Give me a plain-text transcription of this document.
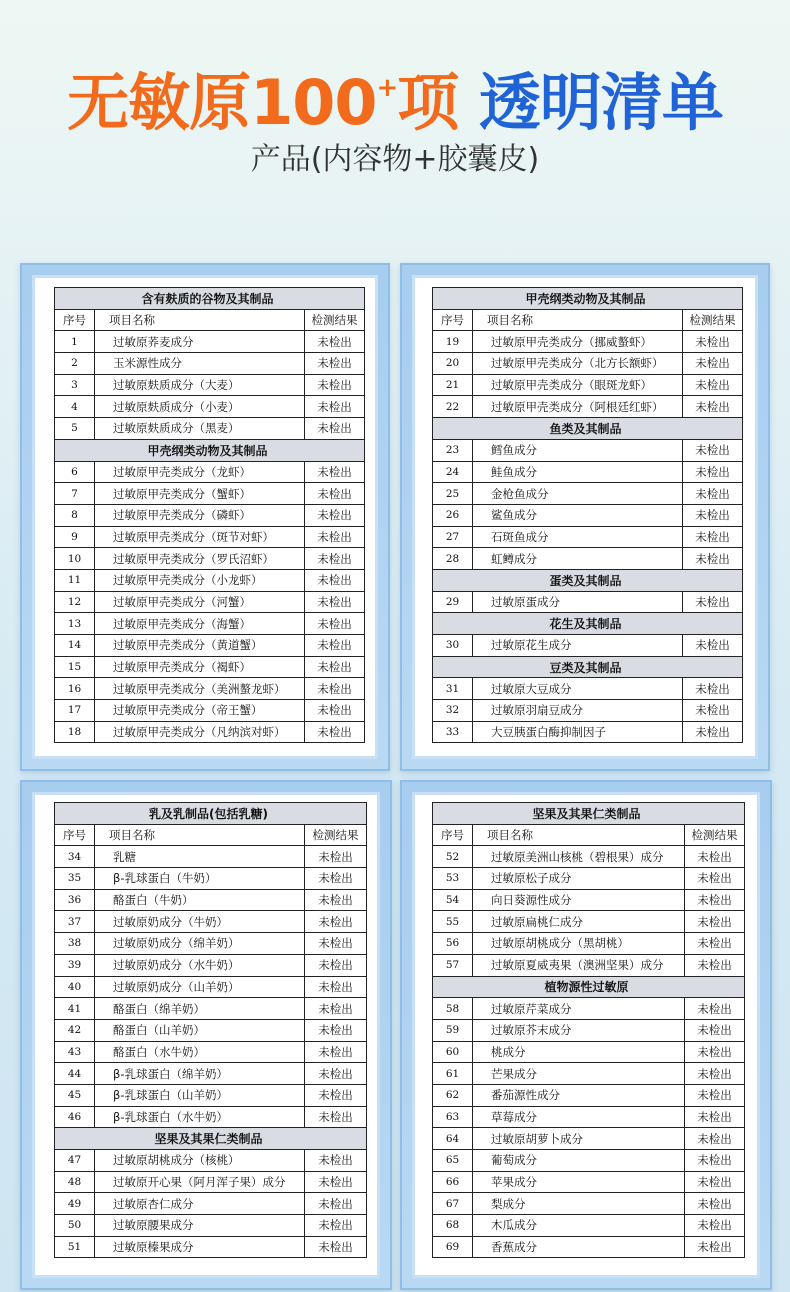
无敏原100+项 透明清单
产品(内容物+胶囊皮)
含有麸质的谷物及其制品		
序号	项目名称	检测结果
1	过敏原荞麦成分	未检出
2	玉米源性成分	未检出
3	过敏原麸质成分（大麦）	未检出
4	过敏原麸质成分（小麦）	未检出
5	过敏原麸质成分（黑麦）	未检出
甲壳纲类动物及其制品		
6	过敏原甲壳类成分（龙虾）	未检出
7	过敏原甲壳类成分（蟹虾）	未检出
8	过敏原甲壳类成分（磷虾）	未检出
9	过敏原甲壳类成分（斑节对虾）	未检出
10	过敏原甲壳类成分（罗氏沼虾）	未检出
11	过敏原甲壳类成分（小龙虾）	未检出
12	过敏原甲壳类成分（河蟹）	未检出
13	过敏原甲壳类成分（海蟹）	未检出
14	过敏原甲壳类成分（黄道蟹）	未检出
15	过敏原甲壳类成分（褐虾）	未检出
16	过敏原甲壳类成分（美洲螯龙虾）	未检出
17	过敏原甲壳类成分（帝王蟹）	未检出
18	过敏原甲壳类成分（凡纳滨对虾）	未检出
甲壳纲类动物及其制品		
序号	项目名称	检测结果
19	过敏原甲壳类成分（挪威螯虾）	未检出
20	过敏原甲壳类成分（北方长额虾）	未检出
21	过敏原甲壳类成分（眼斑龙虾）	未检出
22	过敏原甲壳类成分（阿根廷红虾）	未检出
鱼类及其制品		
23	鳕鱼成分	未检出
24	鲑鱼成分	未检出
25	金枪鱼成分	未检出
26	鲨鱼成分	未检出
27	石斑鱼成分	未检出
28	虹鳟成分	未检出
蛋类及其制品		
29	过敏原蛋成分	未检出
花生及其制品		
30	过敏原花生成分	未检出
豆类及其制品		
31	过敏原大豆成分	未检出
32	过敏原羽扇豆成分	未检出
33	大豆胰蛋白酶抑制因子	未检出
乳及乳制品(包括乳糖)		
序号	项目名称	检测结果
34	乳糖	未检出
35	β-乳球蛋白（牛奶）	未检出
36	酪蛋白（牛奶）	未检出
37	过敏原奶成分（牛奶）	未检出
38	过敏原奶成分（绵羊奶）	未检出
39	过敏原奶成分（水牛奶）	未检出
40	过敏原奶成分（山羊奶）	未检出
41	酪蛋白（绵羊奶）	未检出
42	酪蛋白（山羊奶）	未检出
43	酪蛋白（水牛奶）	未检出
44	β-乳球蛋白（绵羊奶）	未检出
45	β-乳球蛋白（山羊奶）	未检出
46	β-乳球蛋白（水牛奶）	未检出
坚果及其果仁类制品		
47	过敏原胡桃成分（核桃）	未检出
48	过敏原开心果（阿月浑子果）成分	未检出
49	过敏原杏仁成分	未检出
50	过敏原腰果成分	未检出
51	过敏原榛果成分	未检出
坚果及其果仁类制品		
序号	项目名称	检测结果
52	过敏原美洲山核桃（碧根果）成分	未检出
53	过敏原松子成分	未检出
54	向日葵源性成分	未检出
55	过敏原扁桃仁成分	未检出
56	过敏原胡桃成分（黑胡桃）	未检出
57	过敏原夏威夷果（澳洲坚果）成分	未检出
植物源性过敏原		
58	过敏原芹菜成分	未检出
59	过敏原芥末成分	未检出
60	桃成分	未检出
61	芒果成分	未检出
62	番茄源性成分	未检出
63	草莓成分	未检出
64	过敏原胡萝卜成分	未检出
65	葡萄成分	未检出
66	苹果成分	未检出
67	梨成分	未检出
68	木瓜成分	未检出
69	香蕉成分	未检出
